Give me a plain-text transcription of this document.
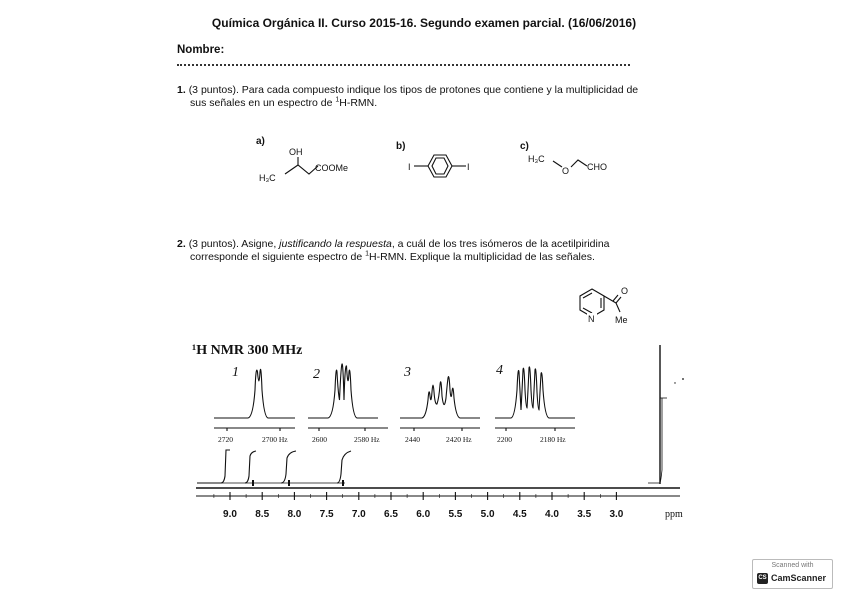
Química Orgánica II. Curso 2015-16. Segundo examen parcial. (16/06/2016)
Nombre:
1. (3 puntos). Para cada compuesto indique los tipos de protones que contiene y la multiplicidad de
sus señales en un espectro de $^1$H-RMN.
a)	b)	c)
2. (3 puntos). Asigne, justificando la respuesta, a cuál de los tres isómeros de la acetilpiridina
corresponde el siguiente espectro de $^1$H-RMN. Explique la multiplicidad de las señales.
OH
H₃C
COOMe	I	I
H₃C
O CHO
N
O
Me
¹H NMR 300 MHz
1
2720	2700 Hz
2
2600	2580 Hz
3
2440	2420 Hz
4
2200	2180 Hz
9.0 8.5 8.0 7.5 7.0 6.5 6.0 5.5 5.0 4.5 4.0 3.5 3.0	ppm
Scanned with
CS CamScanner
